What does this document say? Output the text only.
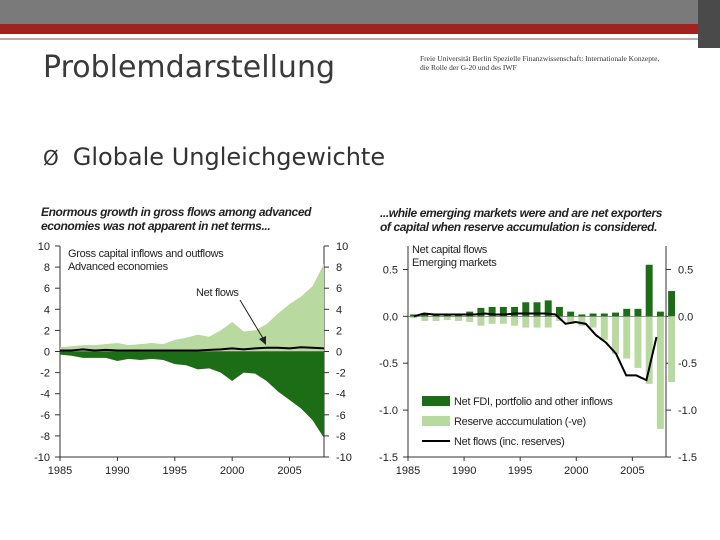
Problemdarstellung	Freie Universität Berlin Spezielle Finanzwissenschaft: Internationale Konzepte, die Rolle der G-20 und des IWF
Ø Globale Ungleichgewichte
Enormous growth in gross flows among advanced
economies was not apparent in net terms...
-10	-10
-8	-8
-6	-6
-4	-4
-2	-2
0	0
2	2
4	4
6	6
8	8
10	10
1985	1990	1995	2000	2005
Gross capital inflows and outflows
Advanced economies
Net flows
...while emerging markets were and are net exporters
of capital when reserve accumulation is considered.
-1.5	-1.5
-1.0	-1.0
-0.5	-0.5
0.0	0.0
0.5	0.5
1985	1990	1995	2000	2005
Net capital flows
Emerging markets
Net FDI, portfolio and other inflows
Reserve acccumulation (-ve)
Net flows (inc. reserves)
